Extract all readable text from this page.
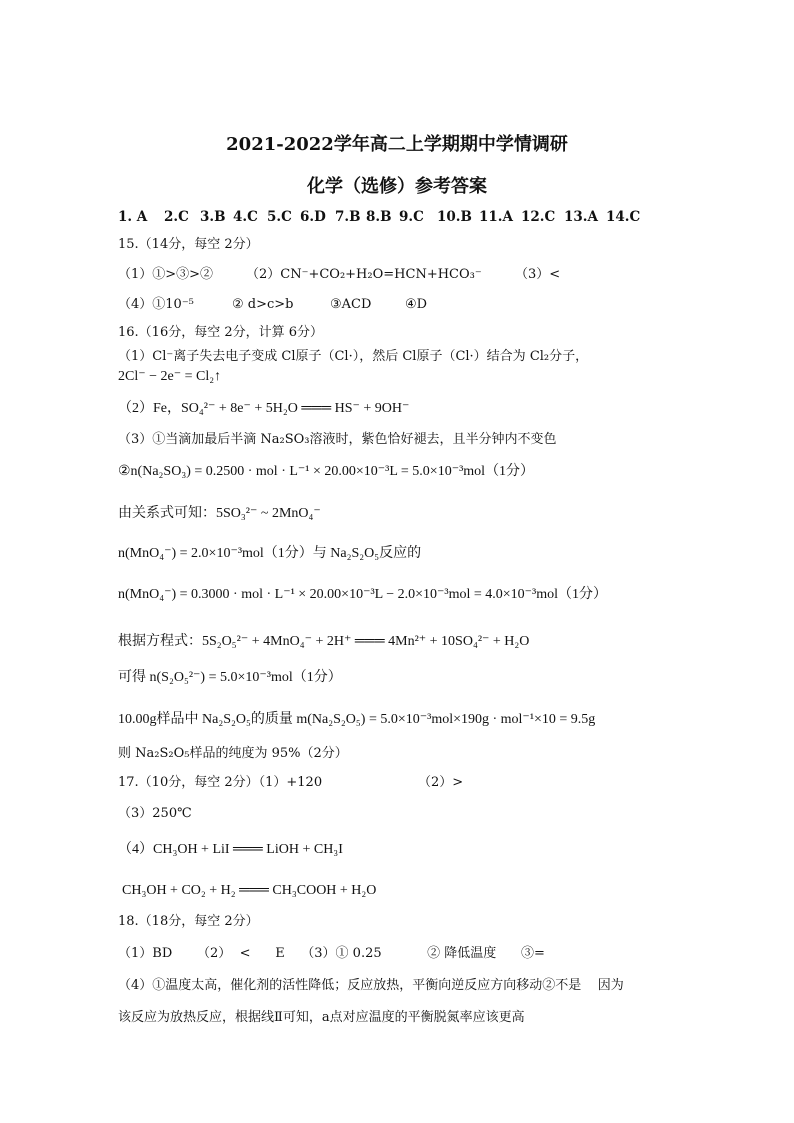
2021-2022学年高二上学期期中学情调研
化学（选修）参考答案
1. A 2.C 3.B 4.C 5.C 6.D 7.B 8.B 9.C 10.B 11.A 12.C 13.A 14.C
15.（14分，每空 2分）
（1）①>③>②	（2）CN⁻+CO₂+H₂O=HCN+HCO₃⁻	（3）<
（4）①10⁻⁵	② d>c>b	③ACD	④D
16.（16分，每空 2分，计算 6分）
（1）Cl⁻离子失去电子变成 Cl原子（Cl·），然后 Cl原子（Cl·）结合为 Cl₂分子，
2Cl⁻ − 2e⁻ = Cl₂↑
（2）Fe，SO₄²⁻ + 8e⁻ + 5H₂O ═══ HS⁻ + 9OH⁻
（3）①当滴加最后半滴 Na₂SO₃溶液时，紫色恰好褪去，且半分钟内不变色
②n(Na₂SO₃) = 0.2500 · mol · L⁻¹ × 20.00×10⁻³L = 5.0×10⁻³mol（1分）
由关系式可知：5SO₃²⁻ ~ 2MnO₄⁻
n(MnO₄⁻) = 2.0×10⁻³mol（1分）与 Na₂S₂O₅反应的
n(MnO₄⁻) = 0.3000 · mol · L⁻¹ × 20.00×10⁻³L − 2.0×10⁻³mol = 4.0×10⁻³mol（1分）
根据方程式：5S₂O₅²⁻ + 4MnO₄⁻ + 2H⁺ ═══ 4Mn²⁺ + 10SO₄²⁻ + H₂O
可得 n(S₂O₅²⁻) = 5.0×10⁻³mol（1分）
10.00g样品中 Na₂S₂O₅的质量 m(Na₂S₂O₅) = 5.0×10⁻³mol×190g · mol⁻¹×10 = 9.5g
则 Na₂S₂O₅样品的纯度为 95%（2分）
17.（10分，每空 2分）（1）+120	（2）>
（3）250℃
（4）CH₃OH + LiI ═══ LiOH + CH₃I
CH₃OH + CO₂ + H₂ ═══ CH₃COOH + H₂O
18.（18分，每空 2分）
（1）BD      （2）  <      E    （3）① 0.25           ② 降低温度      ③=
（4）①温度太高，催化剂的活性降低；反应放热，平衡向逆反应方向移动②不是    因为
该反应为放热反应，根据线Ⅱ可知，a点对应温度的平衡脱氮率应该更高
